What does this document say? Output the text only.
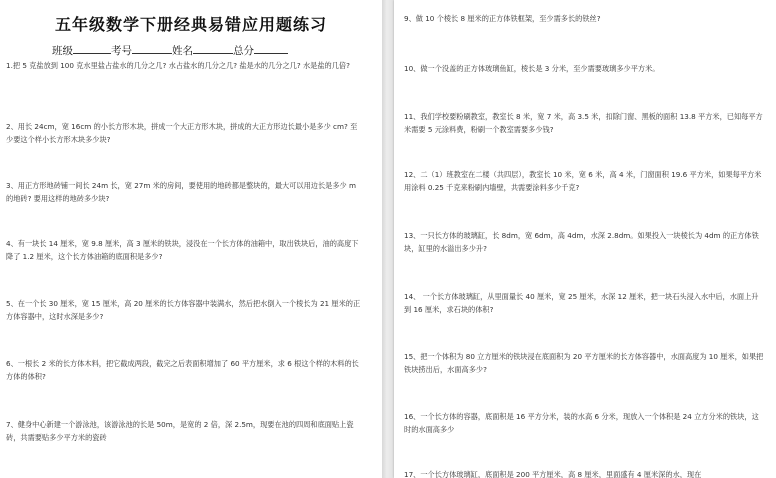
五年级数学下册经典易错应用题练习
班级	考号	姓名	总分

1.把 5 克盐放到 100 克水里盐占盐水的几分之几? 水占盐水的几分之几? 盐是水的几分之几? 水是盐的几倍?

2、用长 24cm，宽 16cm 的小长方形木块，拼成一个大正方形木块，拼成的大正方形边长最小是多少 cm? 至少要这个样小长方形木块多少块?

3、用正方形地砖铺一间长 24m 长，宽 27m 米的房间，要使用的地砖都是整块的，最大可以用边长是多少 m 的地砖? 要用这样的地砖多少块?

4、有一块长 14 厘米，宽 9.8 厘米，高 3 厘米的铁块，浸没在一个长方体的油箱中，取出铁块后，油的高度下降了 1.2 厘米，这个长方体油箱的底面积是多少?

5、在一个长 30 厘米，宽 15 厘米，高 20 厘米的长方体容器中装满水，然后把水倒入一个棱长为 21 厘米的正方体容器中，这时水深是多少?

6、一根长 2 米的长方体木料，把它截成两段，截完之后表面积增加了 60 平方厘米，求 6 根这个样的木料的长方体的体积?

7、健身中心新建一个游泳池，该游泳池的长是 50m，是宽的 2 倍，深 2.5m，现要在池的四周和底面贴上瓷砖，共需要贴多少平方米的瓷砖

9、做 10 个棱长 8 厘米的正方体铁框架，至少需多长的铁丝?

10、做一个没盖的正方体玻璃鱼缸，棱长是 3 分米，至少需要玻璃多少平方米。

11、我们学校要粉刷教室，教室长 8 米，宽 7 米，高 3.5 米，扣除门窗、黑板的面积 13.8 平方米，已知每平方米需要 5 元涂料费，粉刷一个教室需要多少钱?

12、二（1）班教室在二楼（共四层），教室长 10 米，宽 6 米，高 4 米，门窗面积 19.6 平方米，如果每平方米用涂料 0.25 千克来粉刷内墙壁，共需要涂料多少千克?

13、一只长方体的玻璃缸，长 8dm，宽 6dm，高 4dm，水深 2.8dm。如果投入一块棱长为 4dm 的正方体铁块，缸里的水溢出多少升?

14、 一个长方体玻璃缸，从里面量长 40 厘米，宽 25 厘米，水深 12 厘米，把一块石头浸入水中后，水面上升到 16 厘米，求石块的体积?

15、把一个体积为 80 立方厘米的铁块浸在底面积为 20 平方厘米的长方体容器中，水面高度为 10 厘米，如果把铁块捞出后，水面高多少?

16、一个长方体的容器，底面积是 16 平方分米，装的水高 6 分米，现放入一个体积是 24 立方分米的铁块，这时的水面高多少

17、一个长方体玻璃缸，底面积是 200 平方厘米，高 8 厘米，里面盛有 4 厘米深的水，现在
